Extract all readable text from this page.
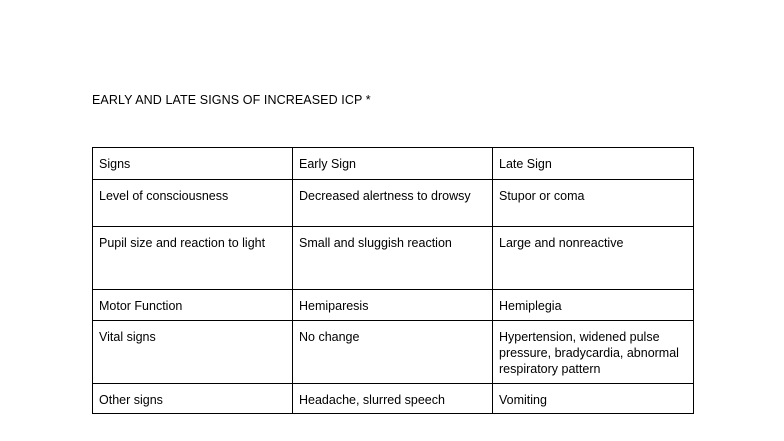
EARLY AND LATE SIGNS OF INCREASED ICP *
Signs	Early Sign	Late Sign
Level of consciousness	Decreased alertness to drowsy	Stupor or coma
Pupil size and reaction to light	Small and sluggish reaction	Large and nonreactive
Motor Function	Hemiparesis	Hemiplegia
Vital signs	No change	Hypertension, widened pulse pressure, bradycardia, abnormal respiratory pattern
Other signs	Headache, slurred speech	Vomiting
